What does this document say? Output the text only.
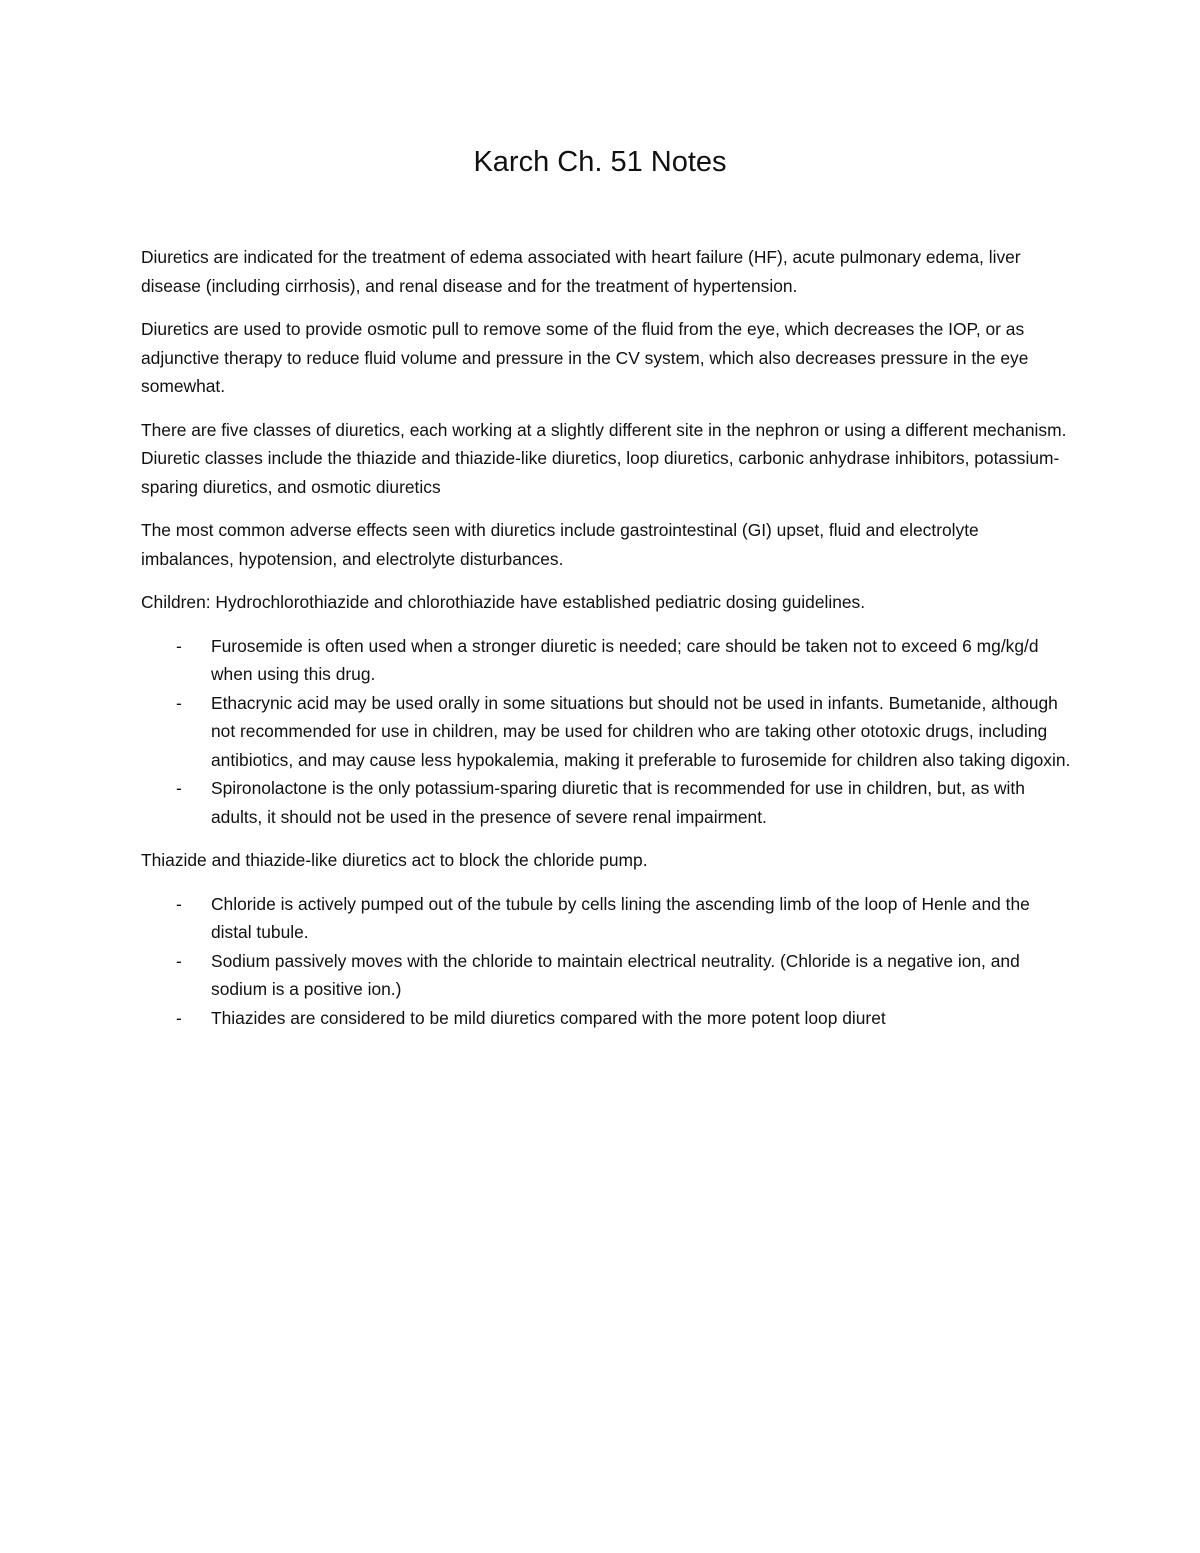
Karch Ch. 51 Notes

Diuretics are indicated for the treatment of edema associated with heart failure (HF), acute pulmonary edema, liver disease (including cirrhosis), and renal disease and for the treatment of hypertension.

Diuretics are used to provide osmotic pull to remove some of the fluid from the eye, which decreases the IOP, or as adjunctive therapy to reduce fluid volume and pressure in the CV system, which also decreases pressure in the eye somewhat.

There are five classes of diuretics, each working at a slightly different site in the nephron or using a different mechanism. Diuretic classes include the thiazide and thiazide-like diuretics, loop diuretics, carbonic anhydrase inhibitors, potassium-sparing diuretics, and osmotic diuretics

The most common adverse effects seen with diuretics include gastrointestinal (GI) upset, fluid and electrolyte imbalances, hypotension, and electrolyte disturbances.

Children: Hydrochlorothiazide and chlorothiazide have established pediatric dosing guidelines.

- Furosemide is often used when a stronger diuretic is needed; care should be taken not to exceed 6 mg/kg/d when using this drug.
- Ethacrynic acid may be used orally in some situations but should not be used in infants. Bumetanide, although not recommended for use in children, may be used for children who are taking other ototoxic drugs, including antibiotics, and may cause less hypokalemia, making it preferable to furosemide for children also taking digoxin.
- Spironolactone is the only potassium-sparing diuretic that is recommended for use in children, but, as with adults, it should not be used in the presence of severe renal impairment.

Thiazide and thiazide-like diuretics act to block the chloride pump.

- Chloride is actively pumped out of the tubule by cells lining the ascending limb of the loop of Henle and the distal tubule.
- Sodium passively moves with the chloride to maintain electrical neutrality. (Chloride is a negative ion, and sodium is a positive ion.)
- Thiazides are considered to be mild diuretics compared with the more potent loop diuret
